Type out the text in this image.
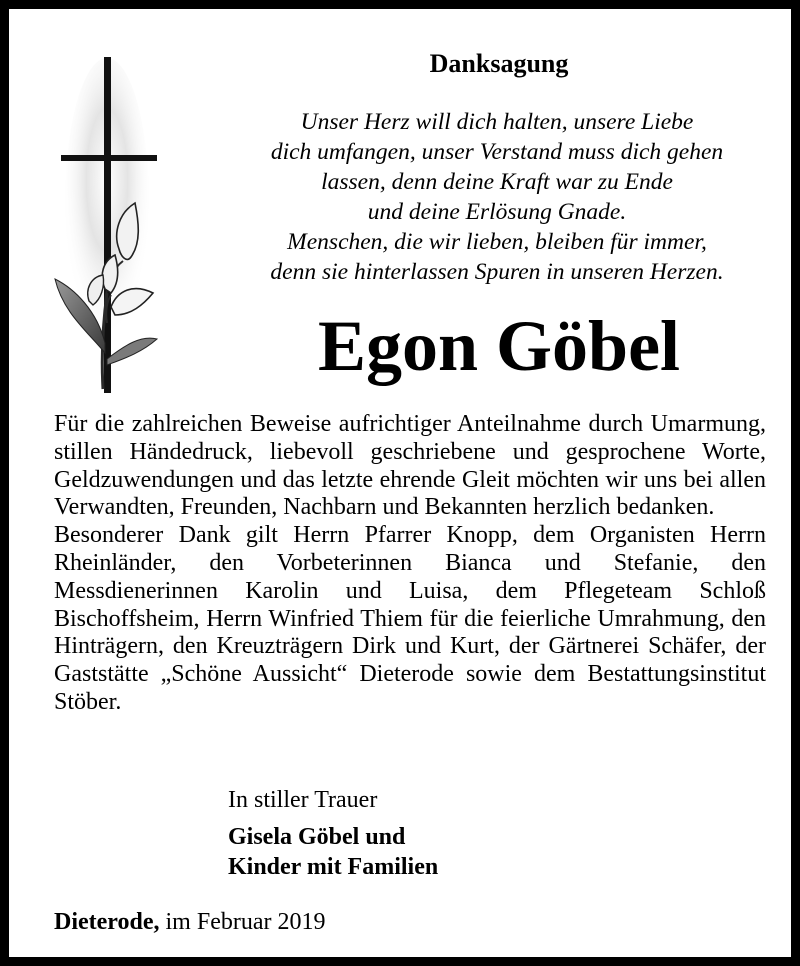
Danksagung
Unser Herz will dich halten, unsere Liebe
dich umfangen, unser Verstand muss dich gehen
lassen, denn deine Kraft war zu Ende
und deine Erlösung Gnade.
Menschen, die wir lieben, bleiben für immer,
denn sie hinterlassen Spuren in unseren Herzen.
Egon Göbel

Für die zahlreichen Beweise aufrichtiger Anteilnahme durch Umarmung, stillen Händedruck, liebevoll geschriebene und gesprochene Worte, Geldzuwendungen und das letzte ehrende Gleit möchten wir uns bei allen Verwandten, Freunden, Nachbarn und Bekannten herzlich bedanken.

Besonderer Dank gilt Herrn Pfarrer Knopp, dem Organisten Herrn Rheinländer, den Vorbeterinnen Bianca und Stefanie, den Messdienerinnen Karolin und Luisa, dem Pflegeteam Schloß Bischoffsheim, Herrn Winfried Thiem für die feierliche Umrahmung, den Hinträgern, den Kreuzträgern Dirk und Kurt, der Gärtnerei Schäfer, der Gaststätte „Schöne Aussicht“ Dieterode sowie dem Bestattungsinstitut Stöber.

In stiller Trauer

Gisela Göbel und
Kinder mit Familien

Dieterode, im Februar 2019
